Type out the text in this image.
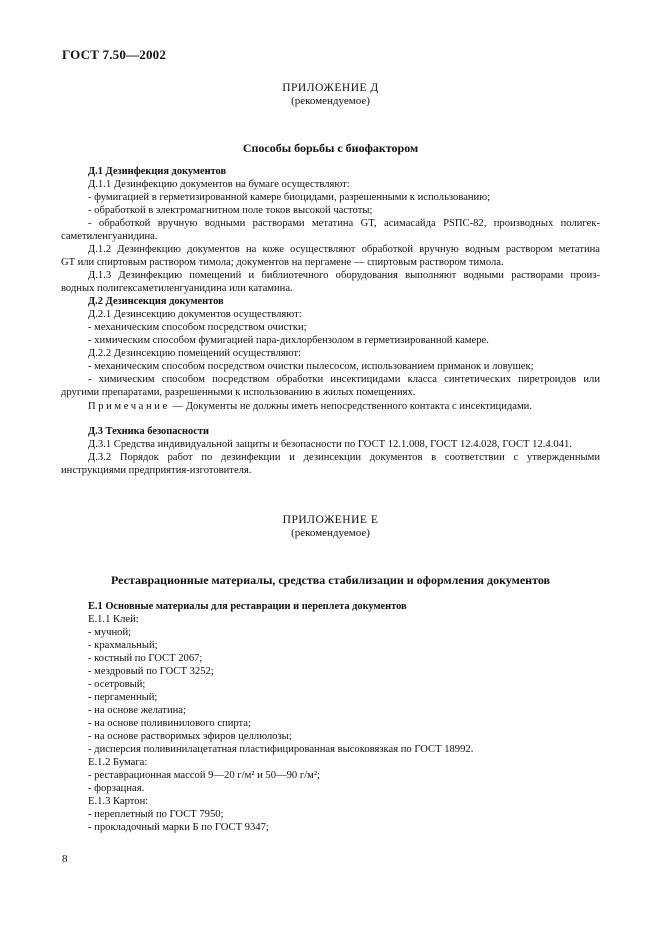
ГОСТ 7.50—2002
ПРИЛОЖЕНИЕ Д
(рекомендуемое)
Способы борьбы с биофактором

Д.1 Дезинфекция документов

Д.1.1 Дезинфекцию документов на бумаге осуществляют:

- фумигацией в герметизированной камере биоцидами, разрешенными к использованию;

- обработкой в электромагнитном поле токов высокой частоты;

- обработкой вручную водными растворами метатина GT, асимасайда PSПС-82, производных полигек-

саметиленгуанидина.

Д.1.2 Дезинфекцию документов на коже осуществляют обработкой вручную водным раствором метатина

GT или спиртовым раствором тимола; документов на пергамене — спиртовым раствором тимола.

Д.1.3 Дезинфекцию помещений и библиотечного оборудования выполняют водными растворами произ-

водных полигексаметиленгуанидина или катамина.

Д.2 Дезинсекция документов

Д.2.1 Дезинсекцию документов осуществляют:

- механическим способом посредством очистки;

- химическим способом фумигацией пара-дихлорбензолом в герметизированной камере.

Д.2.2 Дезинсекцию помещений осуществляют:

- механическим способом посредством очистки пылесосом, использованием приманок и ловушек;

- химическим способом посредством обработки инсектицидами класса синтетических пиретроидов или

другими препаратами, разрешенными к использованию в жилых помещениях.

Примечание — Документы не должны иметь непосредственного контакта с инсектицидами.

Д.3 Техника безопасности

Д.3.1 Средства индивидуальной защиты и безопасности по ГОСТ 12.1.008, ГОСТ 12.4.028, ГОСТ 12.4.041.

Д.3.2 Порядок работ по дезинфекции и дезинсекции документов в соответствии с утвержденными

инструкциями предприятия-изготовителя.

ПРИЛОЖЕНИЕ Е
(рекомендуемое)
Реставрационные материалы, средства стабилизации и оформления документов

Е.1 Основные материалы для реставрации и переплета документов

Е.1.1 Клей:

- мучной;

- крахмальный;

- костный по ГОСТ 2067;

- мездровый по ГОСТ 3252;

- осетровый;

- пергаменный;

- на основе желатина;

- на основе поливинилового спирта;

- на основе растворимых эфиров целлюлозы;

- дисперсия поливинилацетатная пластифицированная высоковязкая по ГОСТ 18992.

Е.1.2 Бумага:

- реставрационная массой 9—20 г/м² и 50—90 г/м²;

- форзацная.

Е.1.3 Картон:

- переплетный по ГОСТ 7950;

- прокладочный марки Б по ГОСТ 9347;

8
